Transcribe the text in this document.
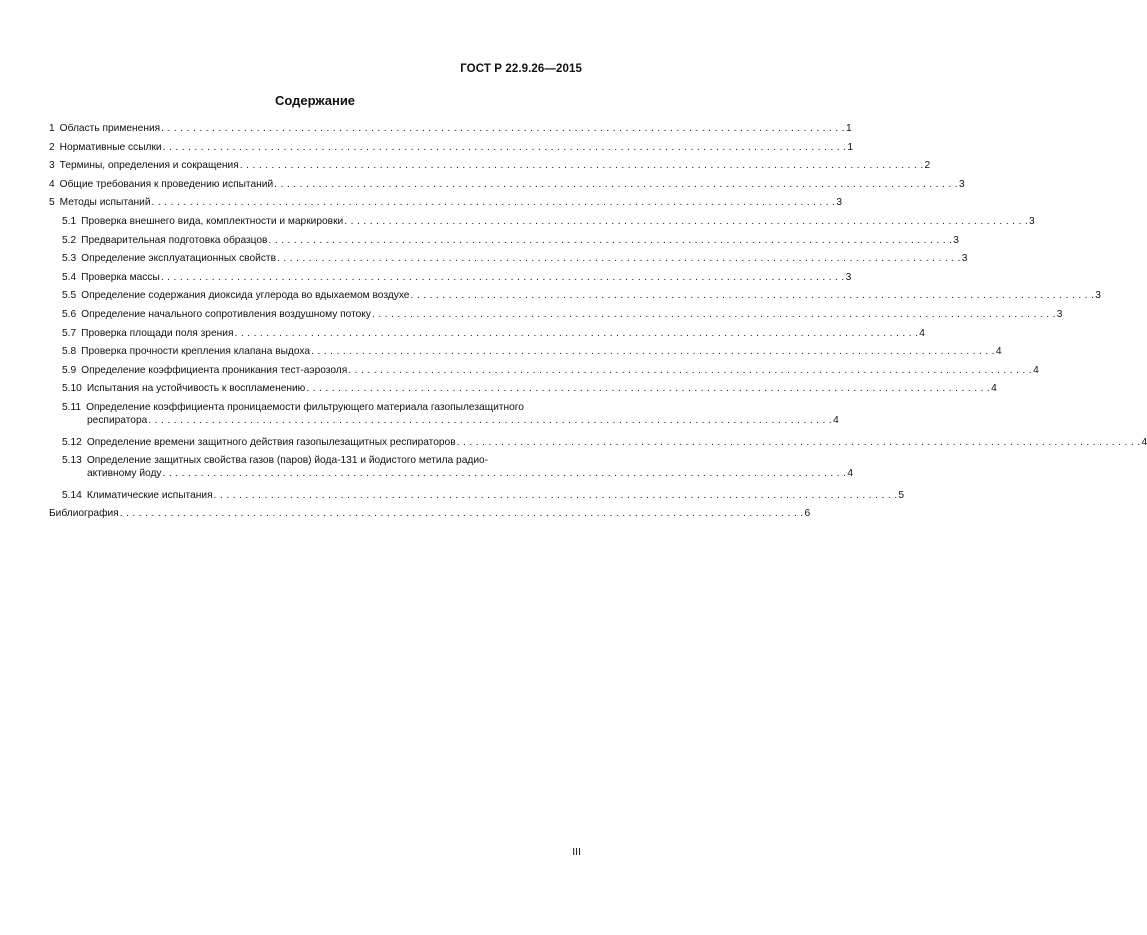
ГОСТ Р 22.9.26—2015
Содержание
1 Область применения . . .	1
2 Нормативные ссылки . . .	1
3 Термины, определения и сокращения . . .	2
4 Общие требования к проведению испытаний . . .	3
5 Методы испытаний . . .	3
5.1 Проверка внешнего вида, комплектности и маркировки . . .	3
5.2 Предварительная подготовка образцов . . .	3
5.3 Определение эксплуатационных свойств . . .	3
5.4 Проверка массы . . .	3
5.5 Определение содержания диоксида углерода во вдыхаемом воздухе . . .	3
5.6 Определение начального сопротивления воздушному потоку . . .	3
5.7 Проверка площади поля зрения . . .	4
5.8 Проверка прочности крепления клапана выдоха . . .	4
5.9 Определение коэффициента проникания тест-аэрозоля . . .	4
5.10 Испытания на устойчивость к воспламенению . . .	4
5.11 Определение коэффициента проницаемости фильтрующего материала газопылезащитного
респиратора . . .	4
5.12 Определение времени защитного действия газопылезащитных респираторов . . .	4
5.13 Определение защитных свойства газов (паров) йода-131 и йодистого метила радио-
активному йоду . . .	4
5.14 Климатические испытания . . .	5
Библиография . . .	6
III
